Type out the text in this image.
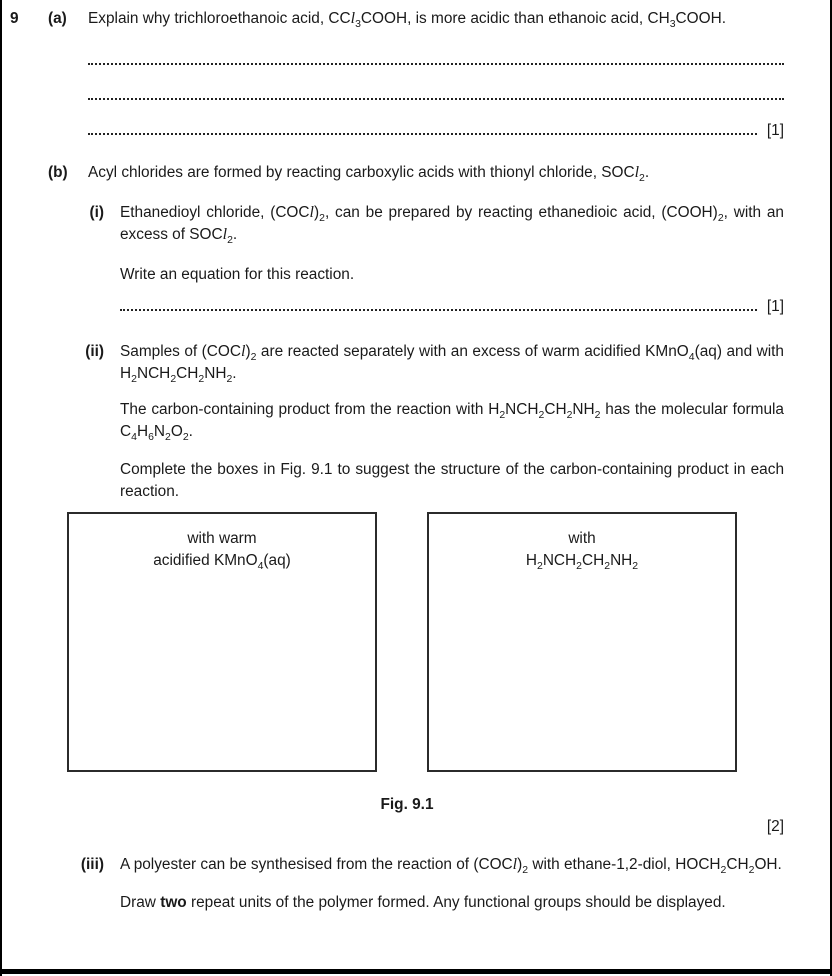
9	(a)	Explain why trichloroethanoic acid, CCl$_3$COOH, is more acidic than ethanoic acid, $CH_3COOH$.
[1]
(b)	Acyl chlorides are formed by reacting carboxylic acids with thionyl chloride, SOCl$_2$.
(i) Ethanedioyl chloride, $(COCl)_2$, can be prepared by reacting ethanedioic acid, $(COOH)_2$, with an excess of SOCl$_2$.
Write an equation for this reaction.
[1]
(ii) Samples of $(COCl)_2$ are reacted separately with an excess of warm acidified KMnO$_4$(aq) and with $H_2NCH_2CH_2NH_2$.
The carbon-containing product from the reaction with $H_2NCH_2CH_2NH_2$ has the molecular formula $C_4H_6N_2O_2$.
Complete the boxes in Fig. 9.1 to suggest the structure of the carbon-containing product in each reaction.
with warm
acidified KMnO$_4$(aq)
with
$H_2NCH_2CH_2NH_2$
Fig. 9.1
[2]
(iii) A polyester can be synthesised from the reaction of $(COCl)_2$ with ethane-1,2-diol, $HOCH_2CH_2OH$.
Draw two repeat units of the polymer formed. Any functional groups should be displayed.
